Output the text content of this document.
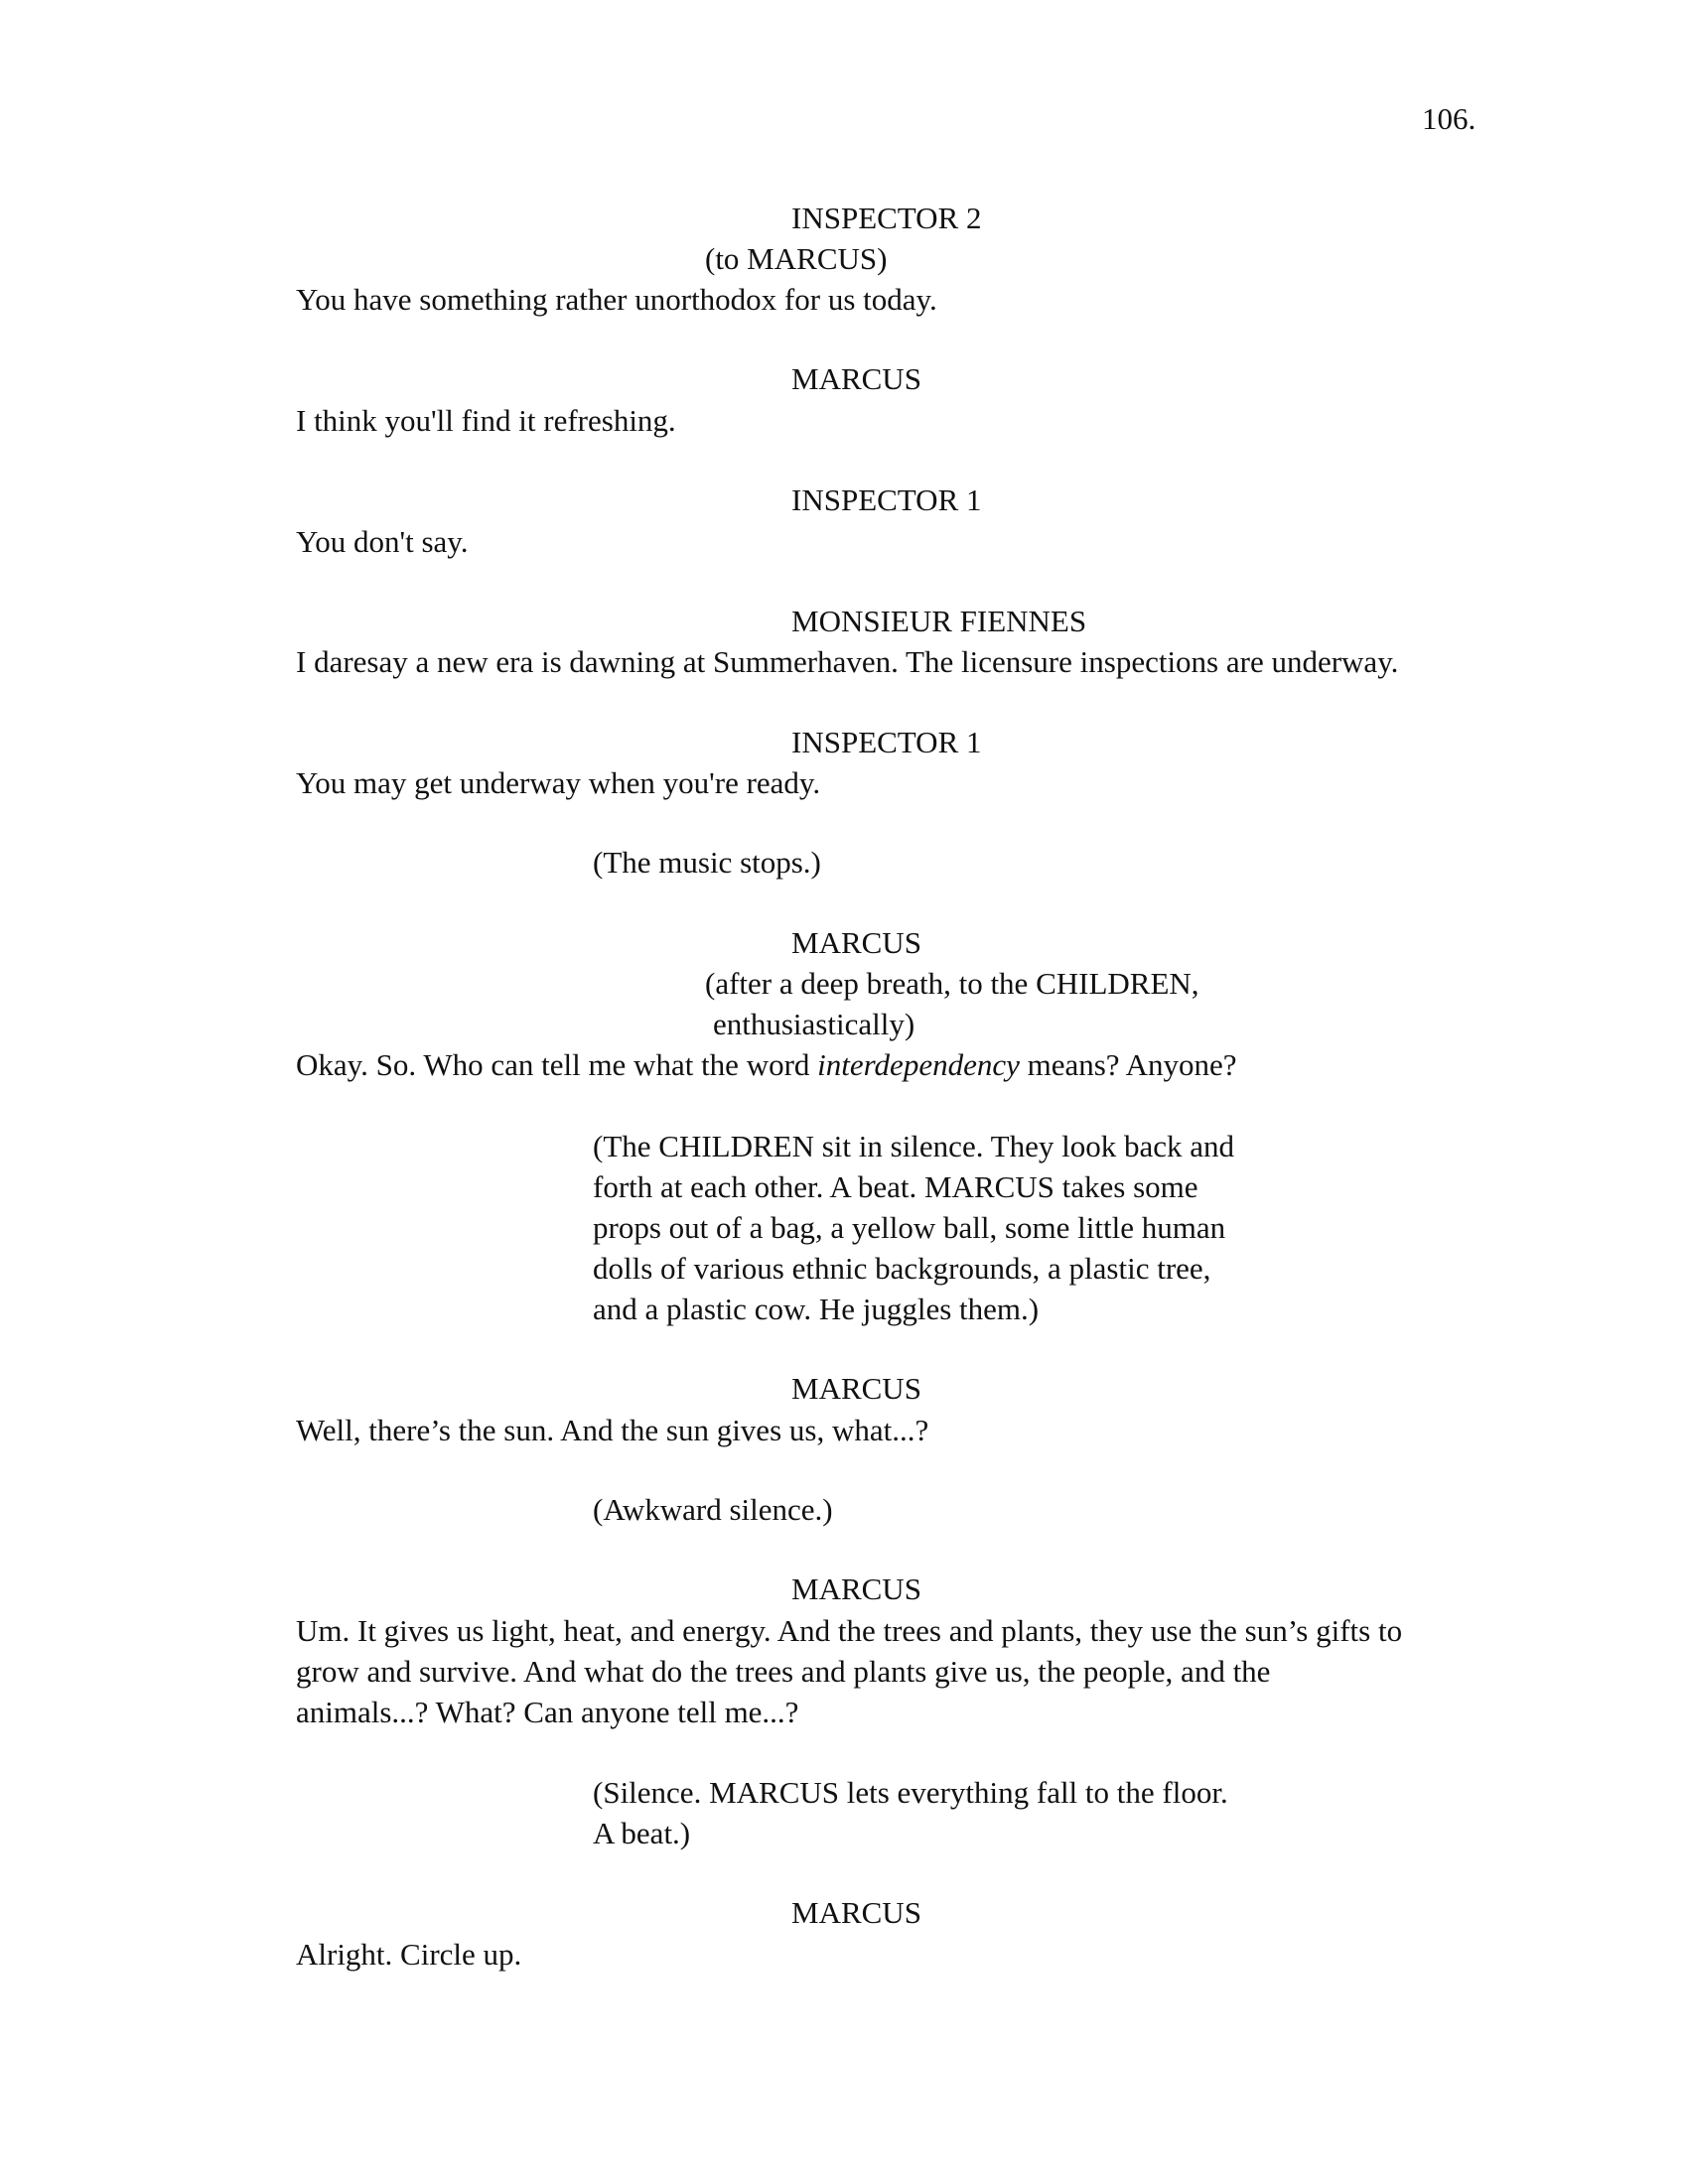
106.
INSPECTOR 2
(to MARCUS)
You have something rather unorthodox for us today.
MARCUS
I think you'll find it refreshing.
INSPECTOR 1
You don't say.
MONSIEUR FIENNES
I daresay a new era is dawning at Summerhaven. The licensure inspections are underway.
INSPECTOR 1
You may get underway when you're ready.
(The music stops.)
MARCUS
(after a deep breath, to the CHILDREN,
enthusiastically)
Okay. So. Who can tell me what the word interdependency means? Anyone?
(The CHILDREN sit in silence. They look back and
forth at each other. A beat. MARCUS takes some
props out of a bag, a yellow ball, some little human
dolls of various ethnic backgrounds, a plastic tree,
and a plastic cow. He juggles them.)
MARCUS
Well, there’s the sun. And the sun gives us, what...?
(Awkward silence.)
MARCUS
Um. It gives us light, heat, and energy. And the trees and plants, they use the sun’s gifts to
grow and survive. And what do the trees and plants give us, the people, and the
animals...? What? Can anyone tell me...?
(Silence. MARCUS lets everything fall to the floor.
A beat.)
MARCUS
Alright. Circle up.
